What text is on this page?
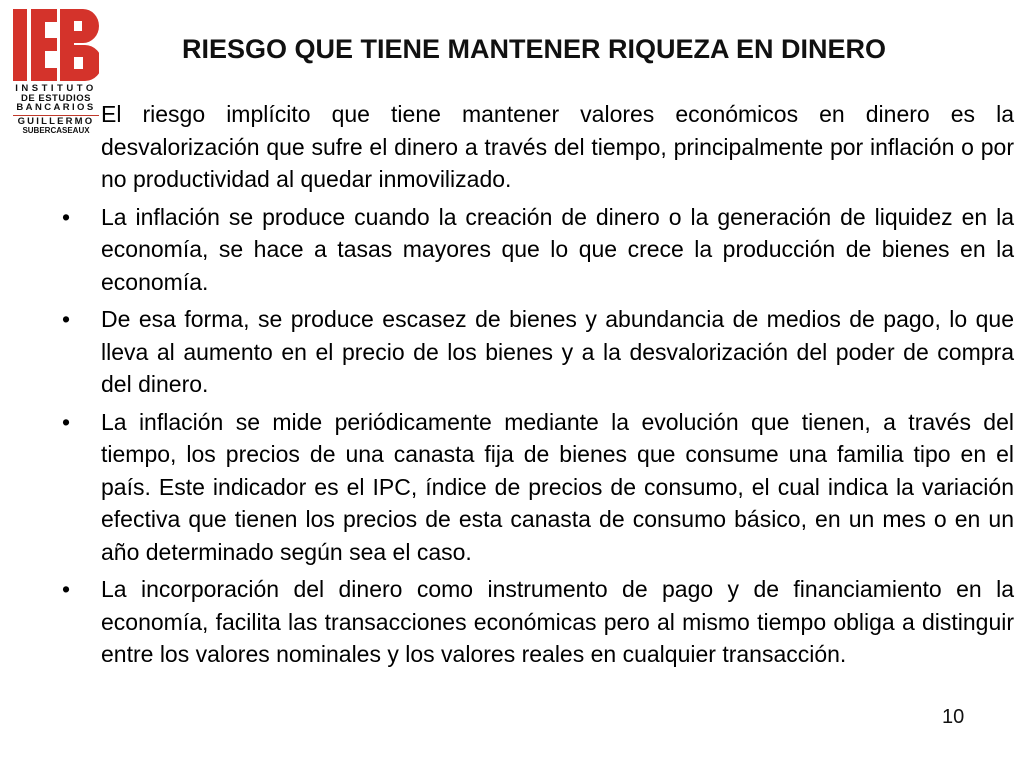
INSTITUTO
DE ESTUDIOS
BANCARIOS
GUILLERMO
SUBERCASEAUX
RIESGO QUE TIENE MANTENER RIQUEZA EN DINERO
El riesgo implícito que tiene mantener valores económicos en dinero es la desvalorización que sufre el dinero a través del tiempo, principalmente por inflación o por no productividad al quedar inmovilizado.
•	La inflación se produce cuando la creación de dinero o la generación de liquidez en la economía, se hace a tasas mayores que lo que crece la producción de bienes en la economía.
•	De esa forma, se produce escasez de bienes y abundancia de medios de pago, lo que lleva al aumento en el precio de los bienes y a la desvalorización del poder de compra del dinero.
•	La inflación se mide periódicamente mediante la evolución que tienen, a través del tiempo, los precios de una canasta fija de bienes que consume una familia tipo en el país. Este indicador es el IPC, índice de precios de consumo, el cual indica la variación efectiva que tienen los precios de esta canasta de consumo básico, en un mes o en un año determinado según sea el caso.
•	La incorporación del dinero como instrumento de pago y de financiamiento en la economía, facilita las transacciones económicas pero al mismo tiempo obliga a distinguir entre los valores nominales y los valores reales en cualquier transacción.
10
